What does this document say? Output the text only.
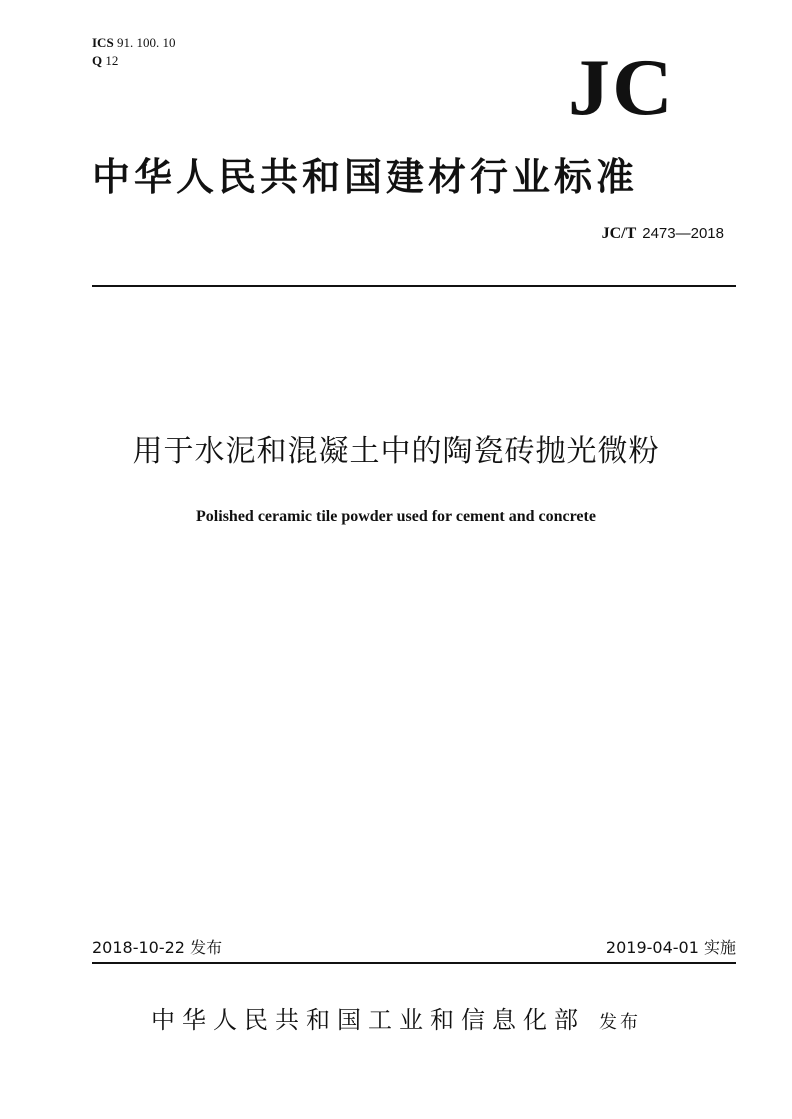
ICS 91. 100. 10
Q 12	JC
中华人民共和国建材行业标准
JC/T 2473—2018
用于水泥和混凝土中的陶瓷砖抛光微粉
Polished ceramic tile powder used for cement and concrete
2018-10-22 发布	2019-04-01 实施
中华人民共和国工业和信息化部 发布
